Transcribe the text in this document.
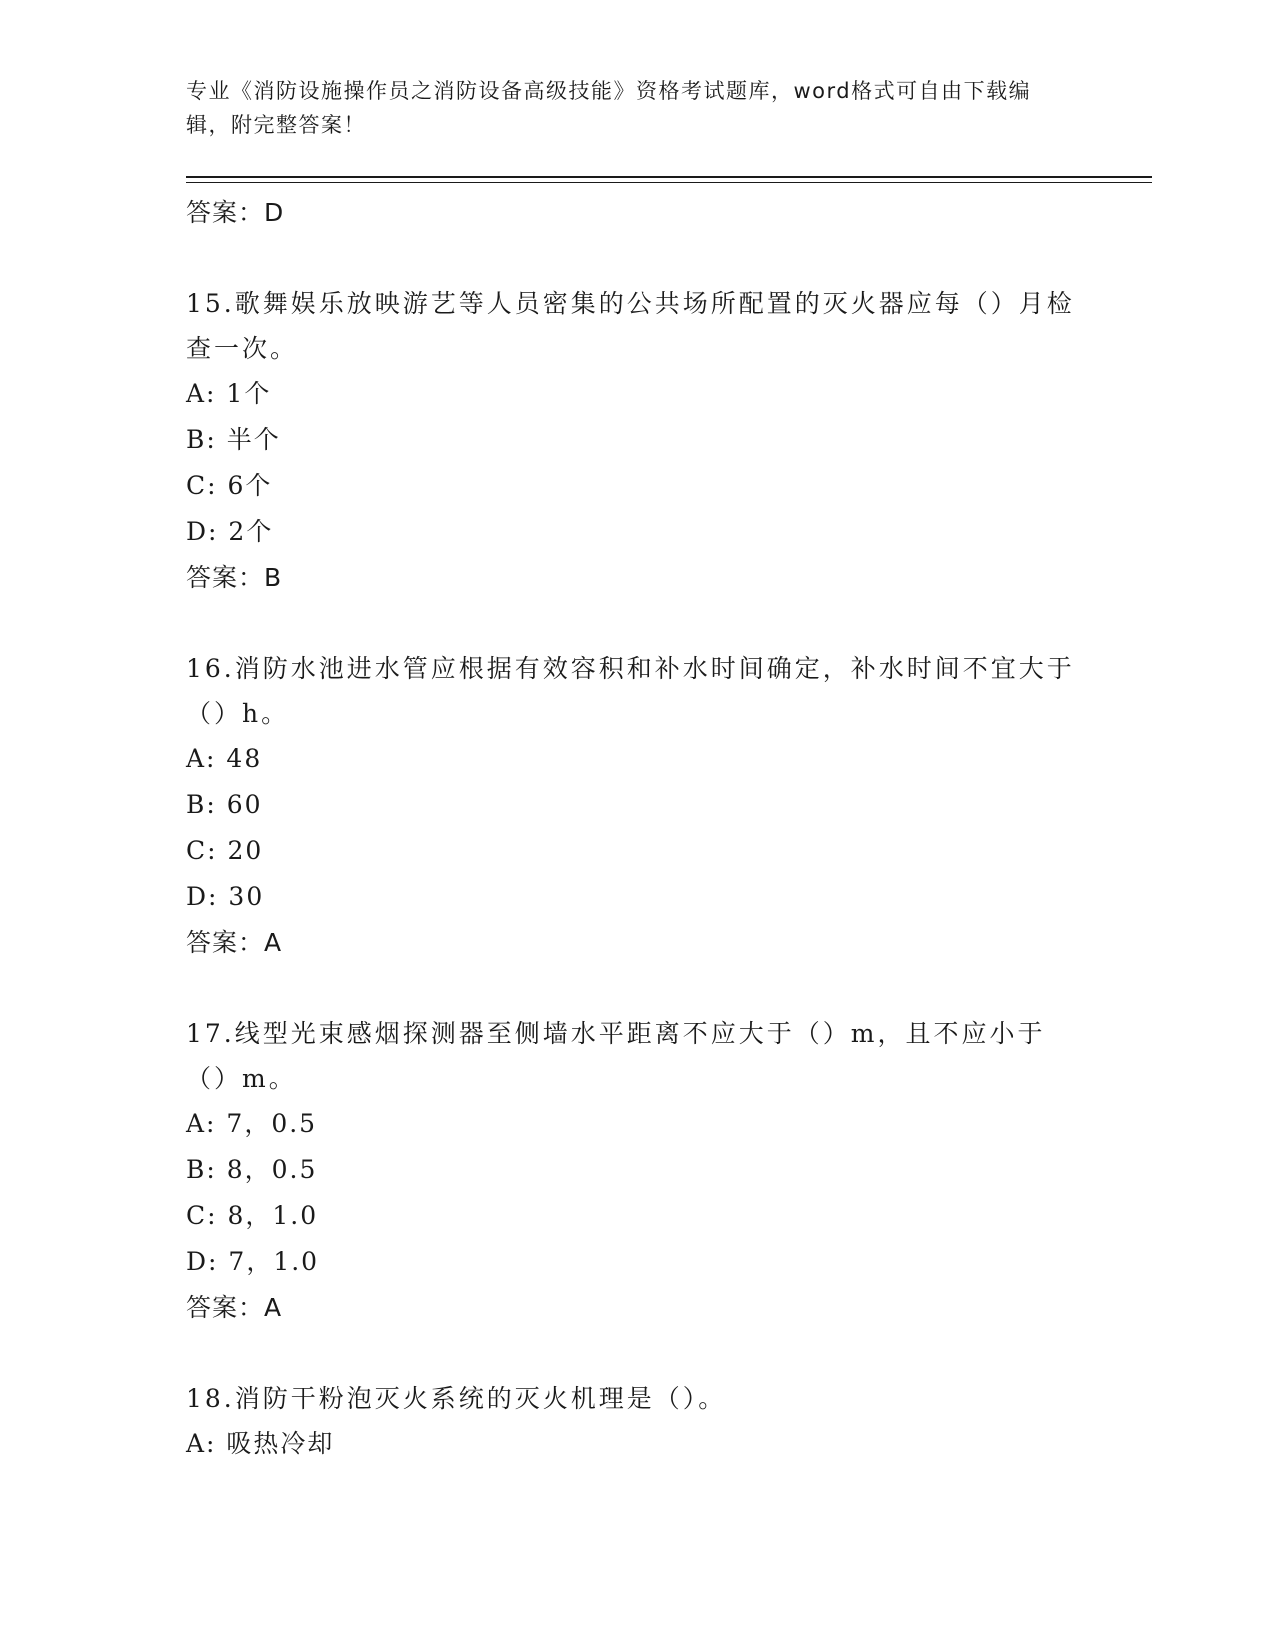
专业《消防设施操作员之消防设备高级技能》资格考试题库，word格式可自由下载编辑，附完整答案！
答案：D
15.歌舞娱乐放映游艺等人员密集的公共场所配置的灭火器应每（）月检查一次。
A: 1个
B: 半个
C: 6个
D: 2个
答案：B
16.消防水池进水管应根据有效容积和补水时间确定，补水时间不宜大于（）h。
A: 48
B: 60
C: 20
D: 30
答案：A
17.线型光束感烟探测器至侧墙水平距离不应大于（）m，且不应小于（）m。
A: 7，0.5
B: 8，0.5
C: 8，1.0
D: 7，1.0
答案：A
18.消防干粉泡灭火系统的灭火机理是（）。
A: 吸热冷却
